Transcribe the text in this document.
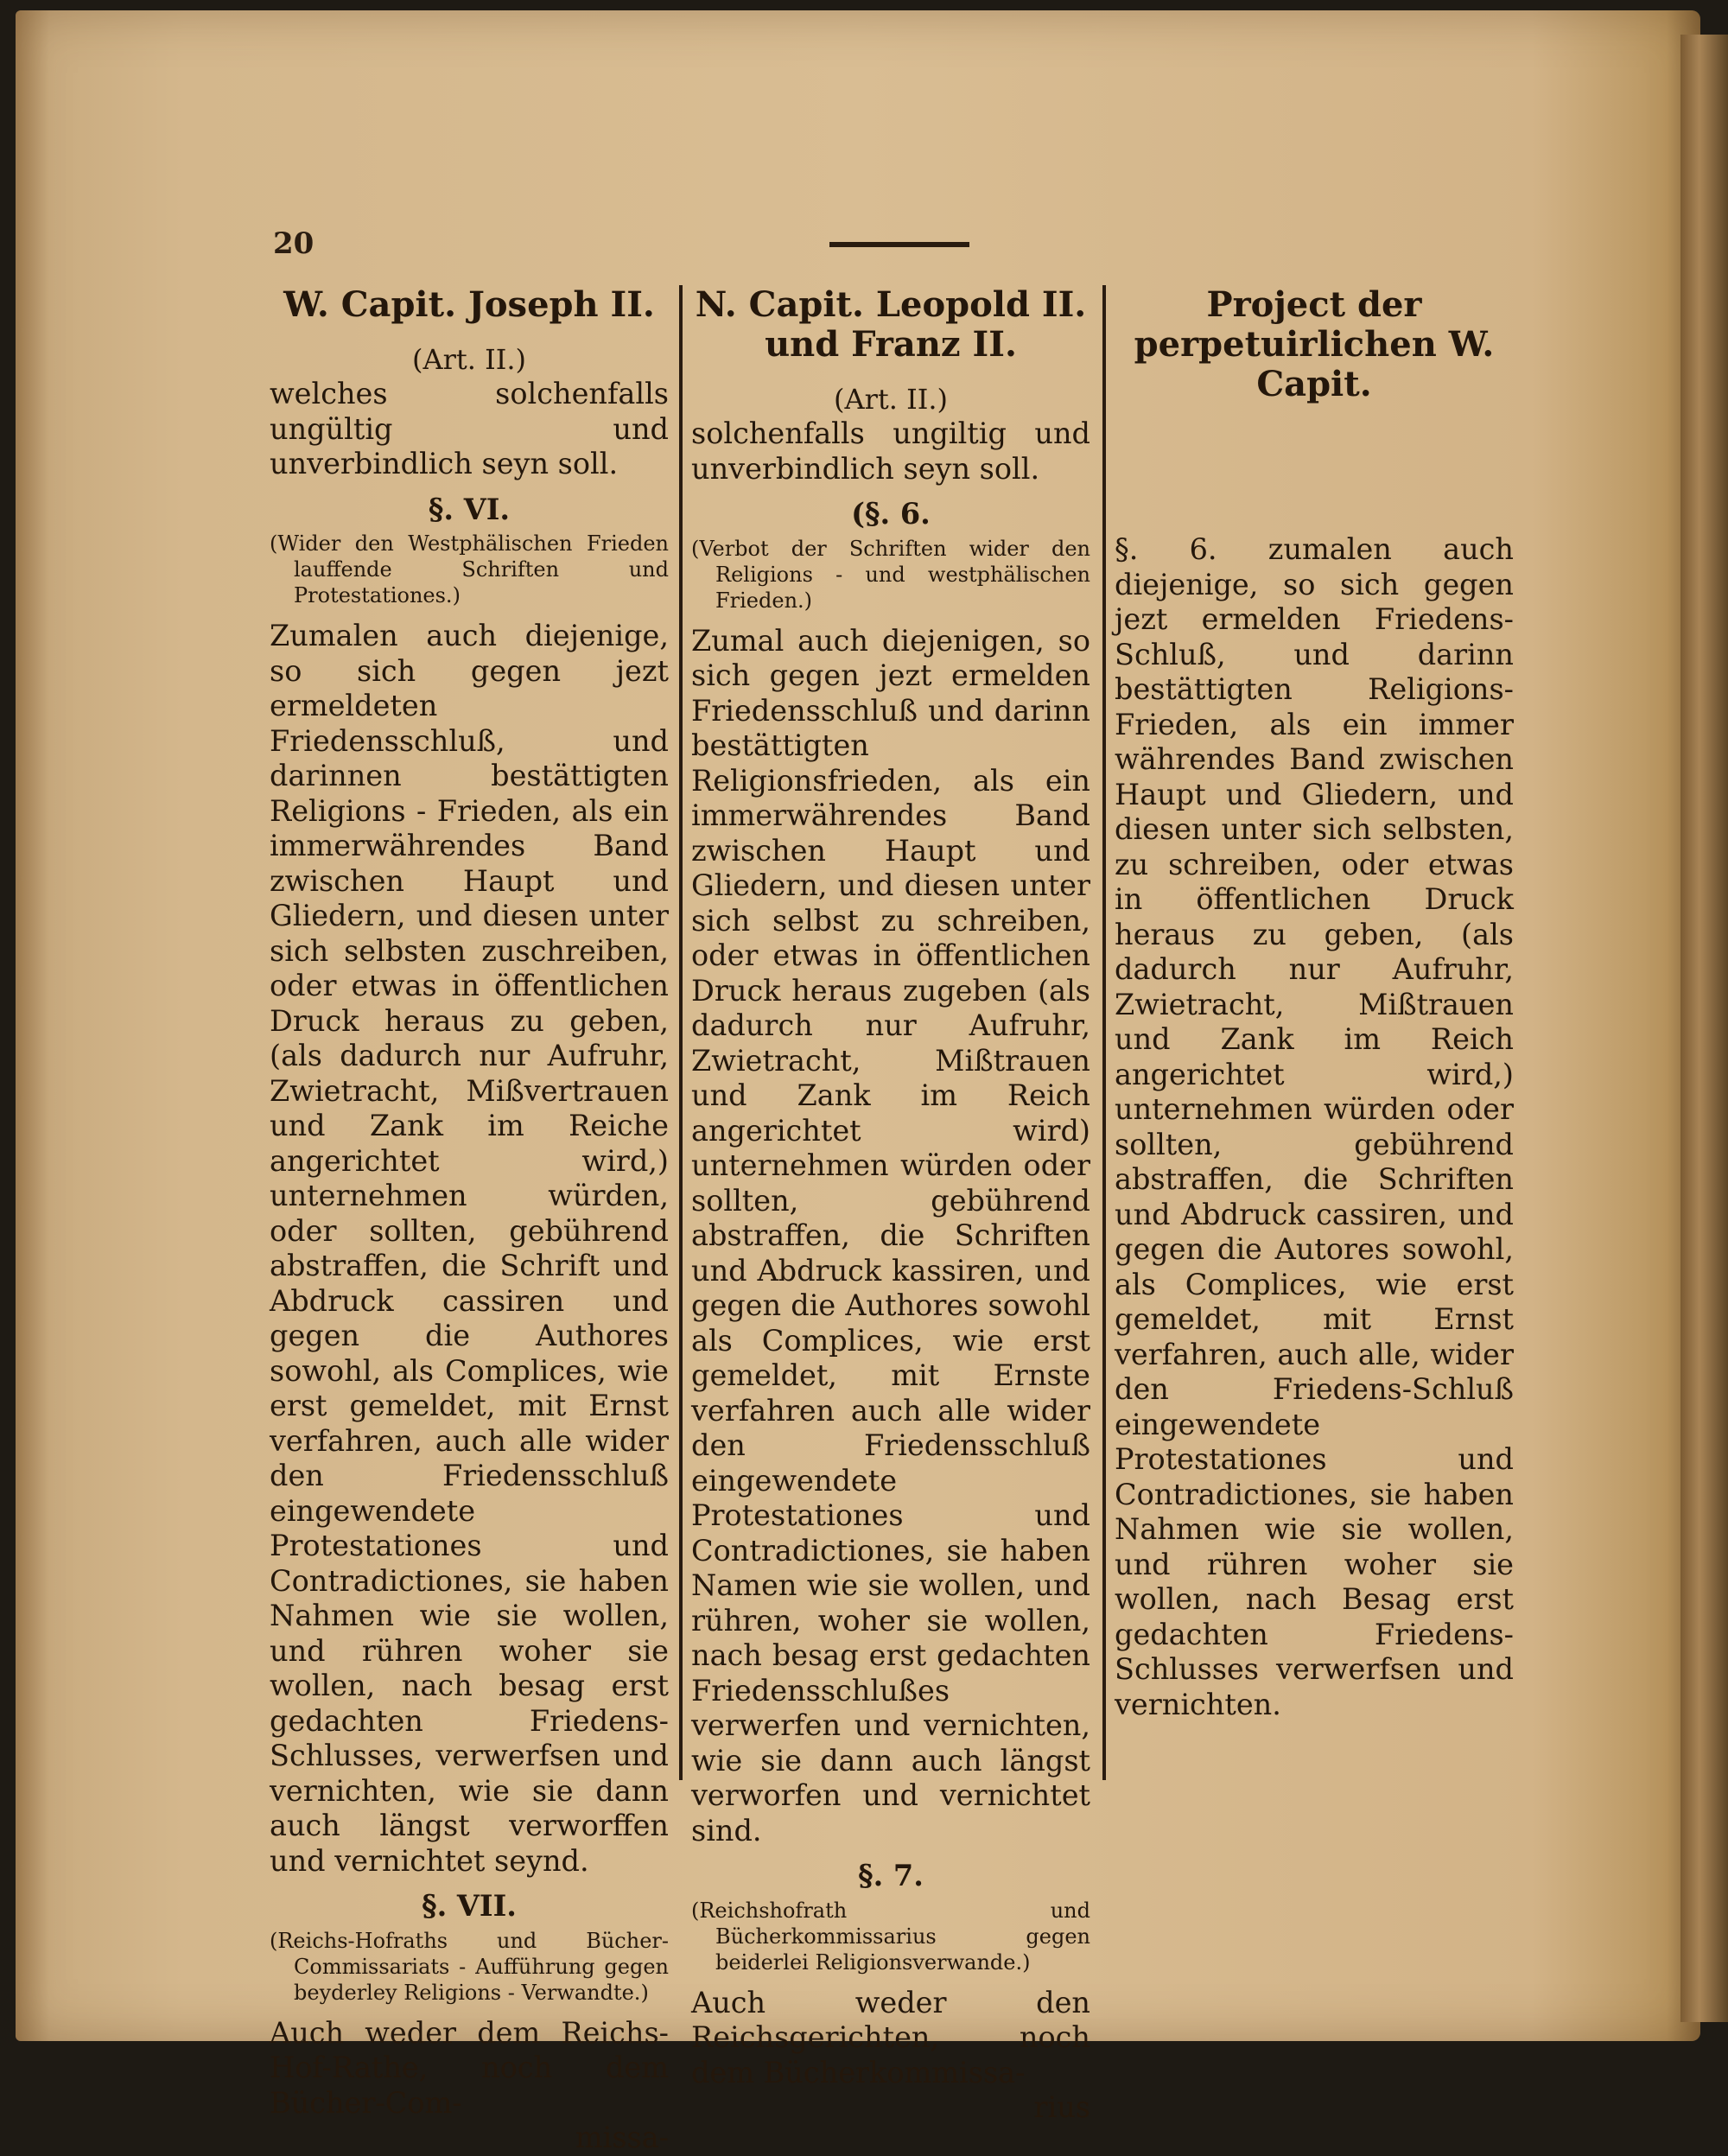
20
W. Capit. Joseph II.
(Art. II.)

welches solchenfalls ungültig und unverbindlich seyn soll.

§. VI.
(Wider den Westphälischen Frieden lauffende Schriften und Protestationes.)

Zumalen auch diejenige, so sich gegen jezt ermeldeten Friedensschluß, und darinnen bestättigten Religions - Frieden, als ein immerwährendes Band zwischen Haupt und Gliedern, und diesen unter sich selbsten zuschreiben, oder etwas in öffentlichen Druck heraus zu geben, (als dadurch nur Aufruhr, Zwietracht, Mißvertrauen und Zank im Reiche angerichtet wird,) unternehmen würden, oder sollten, gebührend abstraffen, die Schrift und Abdruck cassiren und gegen die Authores sowohl, als Complices, wie erst gemeldet, mit Ernst verfahren, auch alle wider den Friedensschluß eingewendete Protestationes und Contradictiones, sie haben Nahmen wie sie wollen, und rühren woher sie wollen, nach besag erst gedachten Friedens-Schlusses, verwerfsen und vernichten, wie sie dann auch längst verworffen und vernichtet seynd.

§. VII.
(Reichs-Hofraths und Bücher-Commissariats - Aufführung gegen beyderley Religions - Verwandte.)

Auch weder dem Reichs-Hof-Rathe, noch dem Bücher-Com-

missa-

N. Capit. Leopold II. und Franz II.
(Art. II.)

solchenfalls ungiltig und unverbindlich seyn soll.

(§. 6.
(Verbot der Schriften wider den Religions - und westphälischen Frieden.)

Zumal auch diejenigen, so sich gegen jezt ermelden Friedensschluß und darinn bestättigten Religionsfrieden, als ein immerwährendes Band zwischen Haupt und Gliedern, und diesen unter sich selbst zu schreiben, oder etwas in öffentlichen Druck heraus zugeben (als dadurch nur Aufruhr, Zwietracht, Mißtrauen und Zank im Reich angerichtet wird) unternehmen würden oder sollten, gebührend abstraffen, die Schriften und Abdruck kassiren, und gegen die Authores sowohl als Complices, wie erst gemeldet, mit Ernste verfahren auch alle wider den Friedensschluß eingewendete Protestationes und Contradictiones, sie haben Namen wie sie wollen, und rühren, woher sie wollen, nach besag erst gedachten Friedensschlußes verwerfen und vernichten, wie sie dann auch längst verworfen und vernichtet sind.

§. 7.
(Reichshofrath und Bücherkommissarius gegen beiderlei Religionsverwande.)

Auch weder den Reichsgerichten, noch dem Bücherkommissa-

rius

Project der perpetuirlichen W. Capit.

§. 6. zumalen auch diejenige, so sich gegen jezt ermelden Friedens-Schluß, und darinn bestättigten Religions-Frieden, als ein immer währendes Band zwischen Haupt und Gliedern, und diesen unter sich selbsten, zu schreiben, oder etwas in öffentlichen Druck heraus zu geben, (als dadurch nur Aufruhr, Zwietracht, Mißtrauen und Zank im Reich angerichtet wird,) unternehmen würden oder sollten, gebührend abstraffen, die Schriften und Abdruck cassiren, und gegen die Autores sowohl, als Complices, wie erst gemeldet, mit Ernst verfahren, auch alle, wider den Friedens-Schluß eingewendete Protestationes und Contradictiones, sie haben Nahmen wie sie wollen, und rühren woher sie wollen, nach Besag erst gedachten Friedens-Schlusses verwerfsen und vernichten.
